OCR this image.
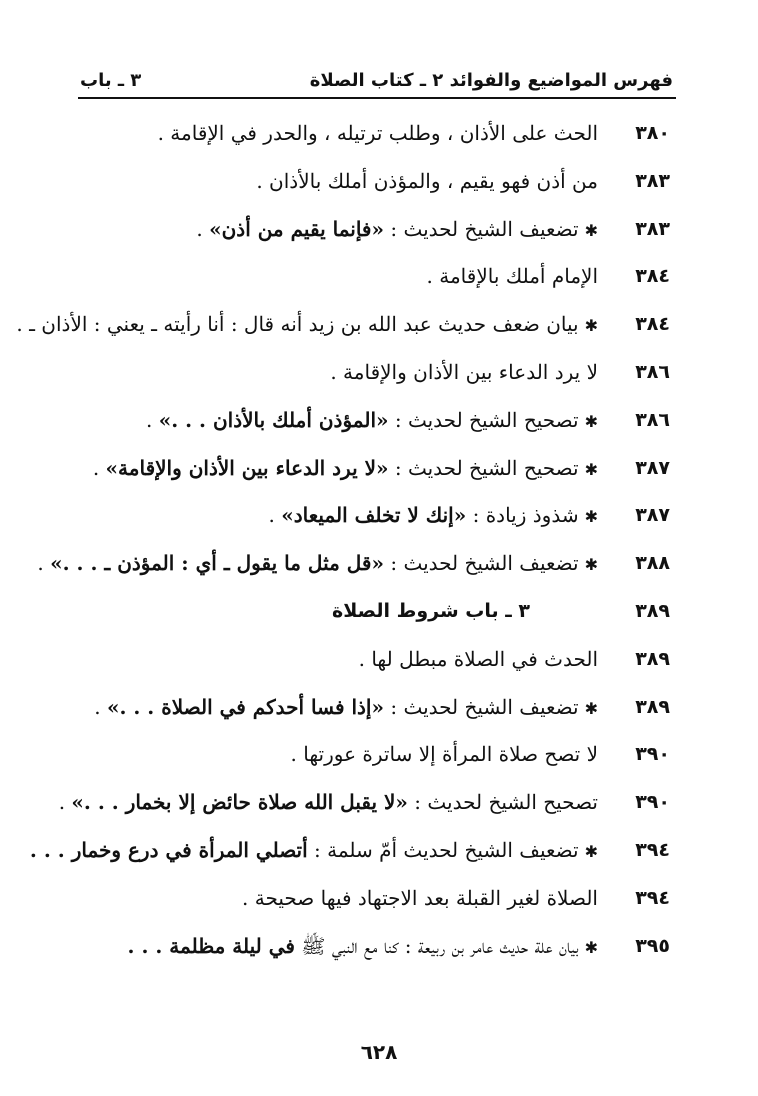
فهرس المواضيع والفوائد
٢ ـ كتاب الصلاة
٣ ـ باب
٣٨٠
الحث على الأذان ، وطلب ترتيله ، والحدر في الإقامة .
٣٨٣
من أذن فهو يقيم ، والمؤذن أملك بالأذان .
٣٨٣
✱تضعيف الشيخ لحديث : «فإنما يقيم من أذن» .
٣٨٤
الإمام أملك بالإقامة .
٣٨٤
✱بيان ضعف حديث عبد الله بن زيد أنه قال : أنا رأيته ـ يعني : الأذان ـ .
٣٨٦
لا يرد الدعاء بين الأذان والإقامة .
٣٨٦
✱تصحيح الشيخ لحديث : «المؤذن أملك بالأذان . . .» .
٣٨٧
✱تصحيح الشيخ لحديث : «لا يرد الدعاء بين الأذان والإقامة» .
٣٨٧
✱شذوذ زيادة : «إنك لا تخلف الميعاد» .
٣٨٨
✱تضعيف الشيخ لحديث : «قل مثل ما يقول ـ أي : المؤذن ـ . . .» .
٣٨٩
٣ ـ باب شروط الصلاة
٣٨٩
الحدث في الصلاة مبطل لها .
٣٨٩
✱تضعيف الشيخ لحديث : «إذا فسا أحدكم في الصلاة . . .» .
٣٩٠
لا تصح صلاة المرأة إلا ساترة عورتها .
٣٩٠
تصحيح الشيخ لحديث : «لا يقبل الله صلاة حائض إلا بخمار . . .» .
٣٩٤
✱تضعيف الشيخ لحديث أمّ سلمة : أتصلي المرأة في درع وخمار . . .
٣٩٤
الصلاة لغير القبلة بعد الاجتهاد فيها صحيحة .
٣٩٥
✱بيان علة حديث عامر بن ربيعة : كنا مع النبي ﷺ في ليلة مظلمة . . .
٦٢٨
